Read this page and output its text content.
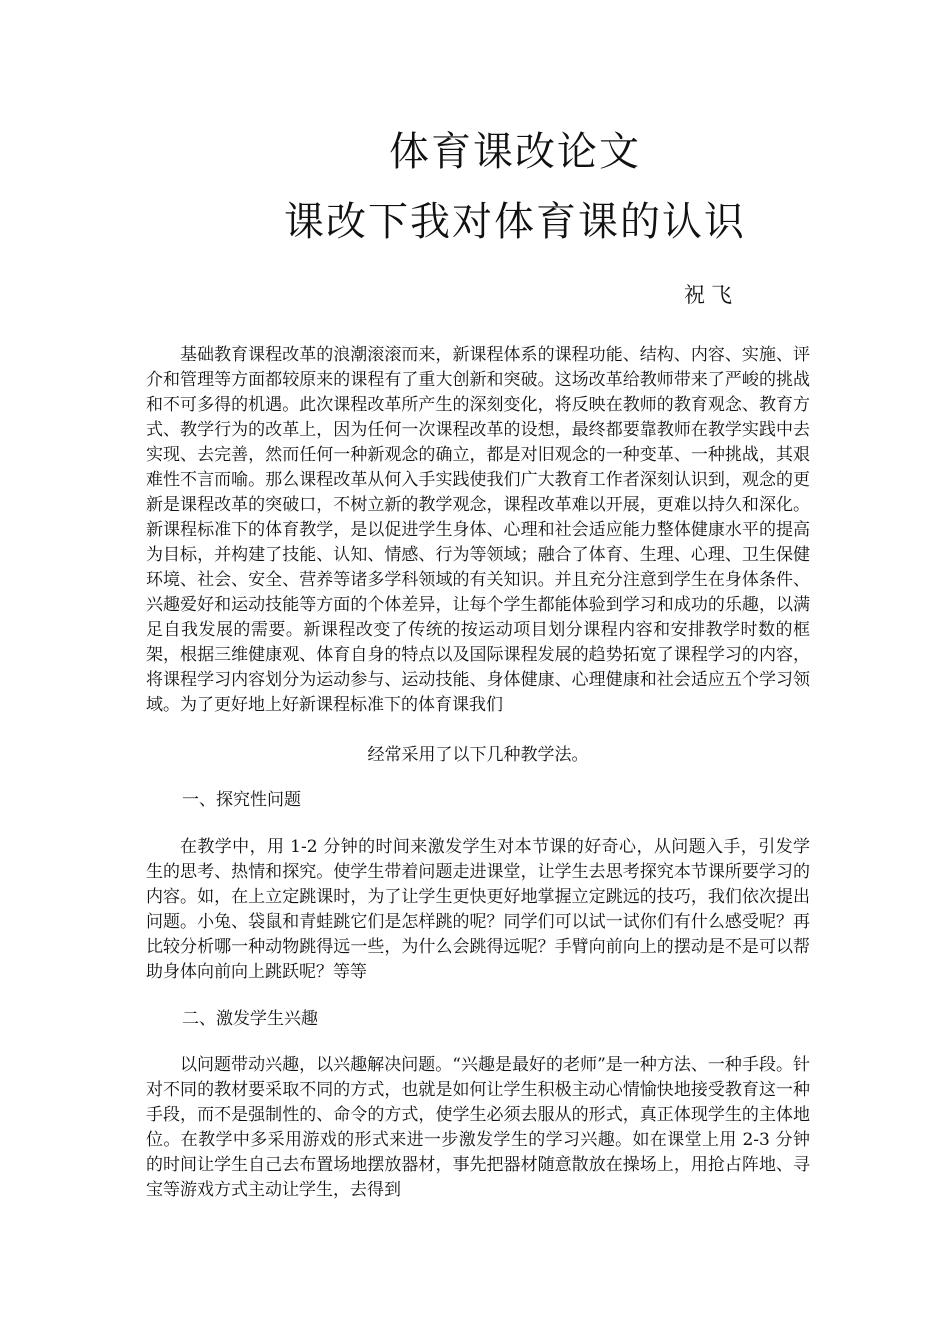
体育课改论文
课改下我对体育课的认识
祝飞

基础教育课程改革的浪潮滚滚而来，新课程体系的课程功能、结构、内容、实施、评介和管理等方面都较原来的课程有了重大创新和突破。这场改革给教师带来了严峻的挑战和不可多得的机遇。此次课程改革所产生的深刻变化，将反映在教师的教育观念、教育方式、教学行为的改革上，因为任何一次课程改革的设想，最终都要靠教师在教学实践中去实现、去完善，然而任何一种新观念的确立，都是对旧观念的一种变革、一种挑战，其艰难性不言而喻。那么课程改革从何入手实践使我们广大教育工作者深刻认识到，观念的更新是课程改革的突破口，不树立新的教学观念，课程改革难以开展，更难以持久和深化。新课程标准下的体育教学，是以促进学生身体、心理和社会适应能力整体健康水平的提高为目标，并构建了技能、认知、情感、行为等领域；融合了体育、生理、心理、卫生保健环境、社会、安全、营养等诸多学科领域的有关知识。并且充分注意到学生在身体条件、兴趣爱好和运动技能等方面的个体差异，让每个学生都能体验到学习和成功的乐趣，以满足自我发展的需要。新课程改变了传统的按运动项目划分课程内容和安排教学时数的框架，根据三维健康观、体育自身的特点以及国际课程发展的趋势拓宽了课程学习的内容，将课程学习内容划分为运动参与、运动技能、身体健康、心理健康和社会适应五个学习领域。为了更好地上好新课程标准下的体育课我们

经常采用了以下几种教学法。

一、探究性问题

在教学中，用 1-2 分钟的时间来激发学生对本节课的好奇心，从问题入手，引发学生的思考、热情和探究。使学生带着问题走进课堂，让学生去思考探究本节课所要学习的内容。如，在上立定跳课时，为了让学生更快更好地掌握立定跳远的技巧，我们依次提出问题。小兔、袋鼠和青蛙跳它们是怎样跳的呢？同学们可以试一试你们有什么感受呢？再比较分析哪一种动物跳得远一些，为什么会跳得远呢？手臂向前向上的摆动是不是可以帮助身体向前向上跳跃呢？等等

二、激发学生兴趣

以问题带动兴趣，以兴趣解决问题。“兴趣是最好的老师”是一种方法、一种手段。针对不同的教材要采取不同的方式，也就是如何让学生积极主动心情愉快地接受教育这一种手段，而不是强制性的、命令的方式，使学生必须去服从的形式，真正体现学生的主体地位。在教学中多采用游戏的形式来进一步激发学生的学习兴趣。如在课堂上用 2-3 分钟的时间让学生自己去布置场地摆放器材，事先把器材随意散放在操场上，用抢占阵地、寻宝等游戏方式主动让学生，去得到
